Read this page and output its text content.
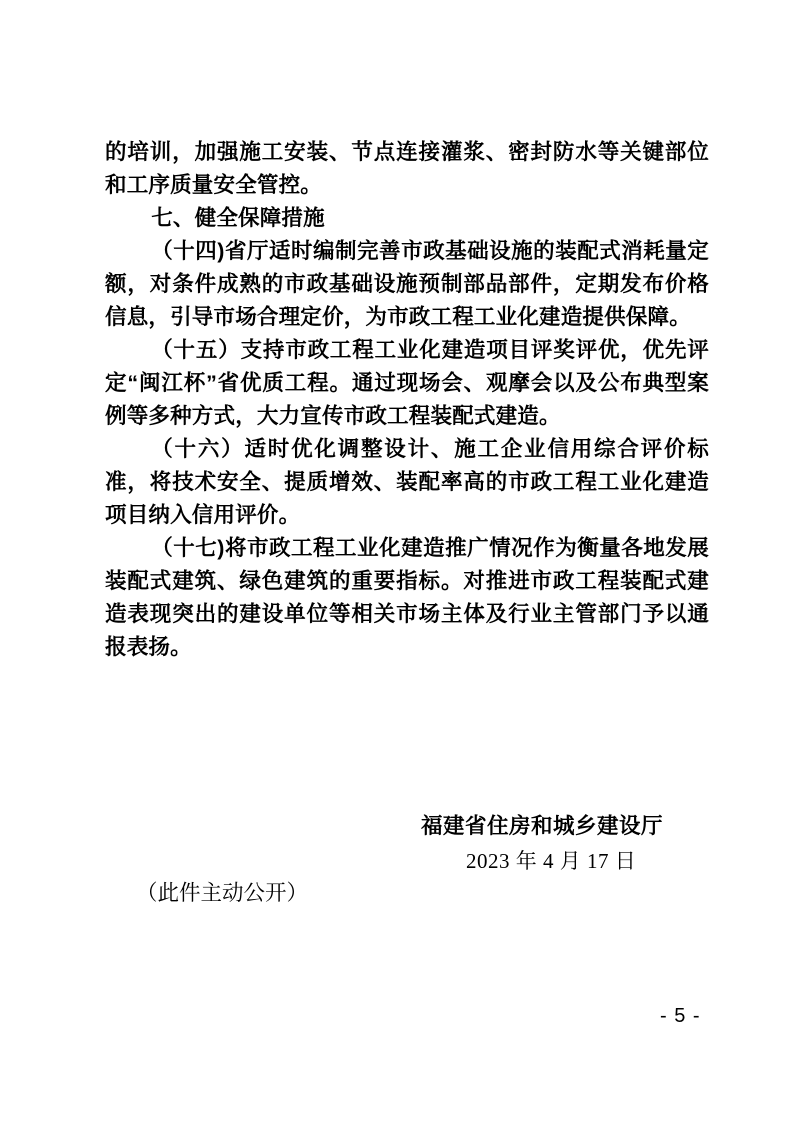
的培训，加强施工安装、节点连接灌浆、密封防水等关键部位和工序质量安全管控。

七、健全保障措施

（十四)省厅适时编制完善市政基础设施的装配式消耗量定额，对条件成熟的市政基础设施预制部品部件，定期发布价格信息，引导市场合理定价，为市政工程工业化建造提供保障。

（十五）支持市政工程工业化建造项目评奖评优，优先评定“闽江杯”省优质工程。通过现场会、观摩会以及公布典型案例等多种方式，大力宣传市政工程装配式建造。

（十六）适时优化调整设计、施工企业信用综合评价标准，将技术安全、提质增效、装配率高的市政工程工业化建造项目纳入信用评价。

（十七)将市政工程工业化建造推广情况作为衡量各地发展装配式建筑、绿色建筑的重要指标。对推进市政工程装配式建造表现突出的建设单位等相关市场主体及行业主管部门予以通报表扬。

福建省住房和城乡建设厅
2023 年 4 月 17 日
（此件主动公开）
- 5 -
